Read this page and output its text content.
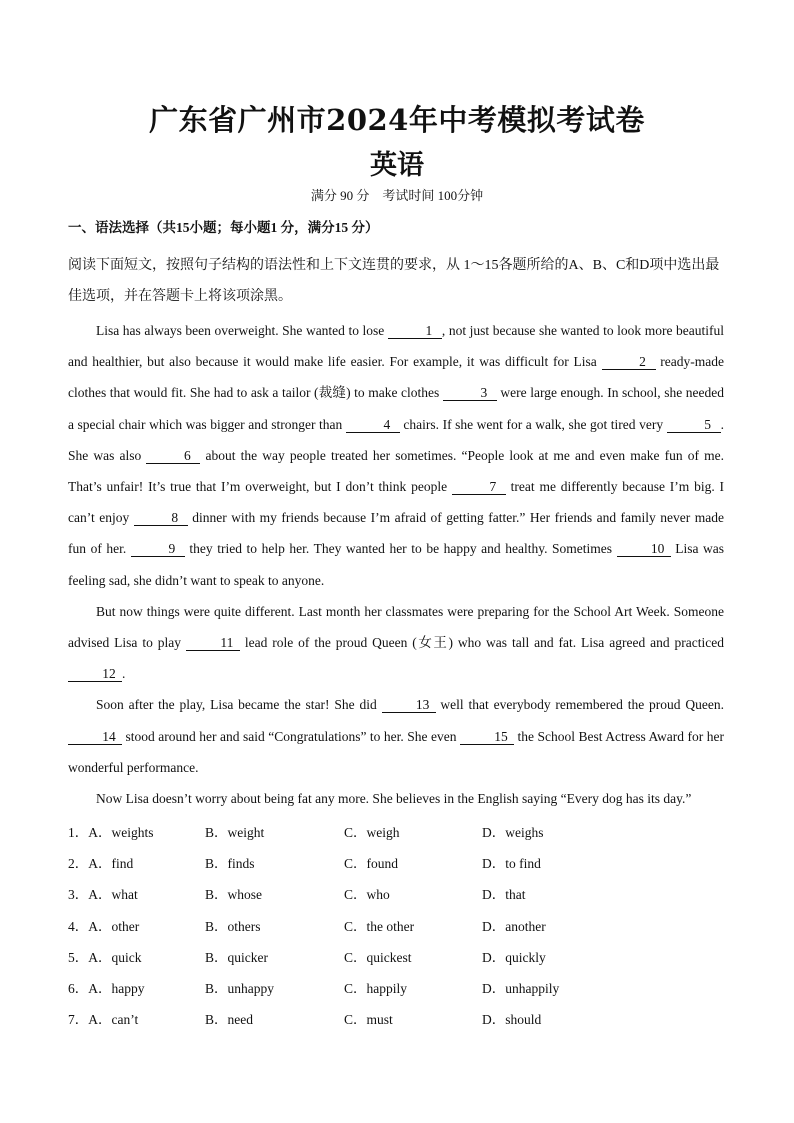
广东省广州市2024年中考模拟考试卷
英语
满分 90 分　考试时间 100分钟
一、语法选择（共15小题；每小题1 分，满分15 分）
阅读下面短文，按照句子结构的语法性和上下文连贯的要求，从 1～15各题所给的A、B、C和D项中选出最佳选项，并在答题卡上将该项涂黑。

Lisa has always been overweight. She wanted to lose	1 , not just because she wanted to look more beautiful and healthier, but also because it would make life easier. For example, it was difficult for Lisa	2 ready-made clothes that would fit. She had to ask a tailor (裁缝) to make clothes	3 were large enough. In school, she needed a special chair which was bigger and stronger than	4 chairs. If she went for a walk, she got tired very	5 . She was also	6 about the way people treated her sometimes. “People look at me and even make fun of me. That’s unfair! It’s true that I’m overweight, but I don’t think people	7 treat me differently because I’m big. I can’t enjoy	8 dinner with my friends because I’m afraid of getting fatter.” Her friends and family never made fun of her.	9 they tried to help her. They wanted her to be happy and healthy. Sometimes	10 Lisa was feeling sad, she didn’t want to speak to anyone.

But now things were quite different. Last month her classmates were preparing for the School Art Week. Someone advised Lisa to play	11 lead role of the proud Queen (女王) who was tall and fat. Lisa agreed and practiced 12 .

Soon after the play, Lisa became the star! She did	13 well that everybody remembered the proud Queen. 14 stood around her and said “Congratulations” to her. She even	15 the School Best Actress Award for her wonderful performance.

Now Lisa doesn’t worry about being fat any more. She believes in the English saying “Every dog has its day.”

1．A．weights	B．weight	C．weigh	D．weighs
2．A．find	B．finds	C．found	D．to find
3．A．what	B．whose	C．who	D．that
4．A．other	B．others	C．the other	D．another
5．A．quick	B．quicker	C．quickest	D．quickly
6．A．happy	B．unhappy	C．happily	D．unhappily
7．A．can’t	B．need	C．must	D．should
